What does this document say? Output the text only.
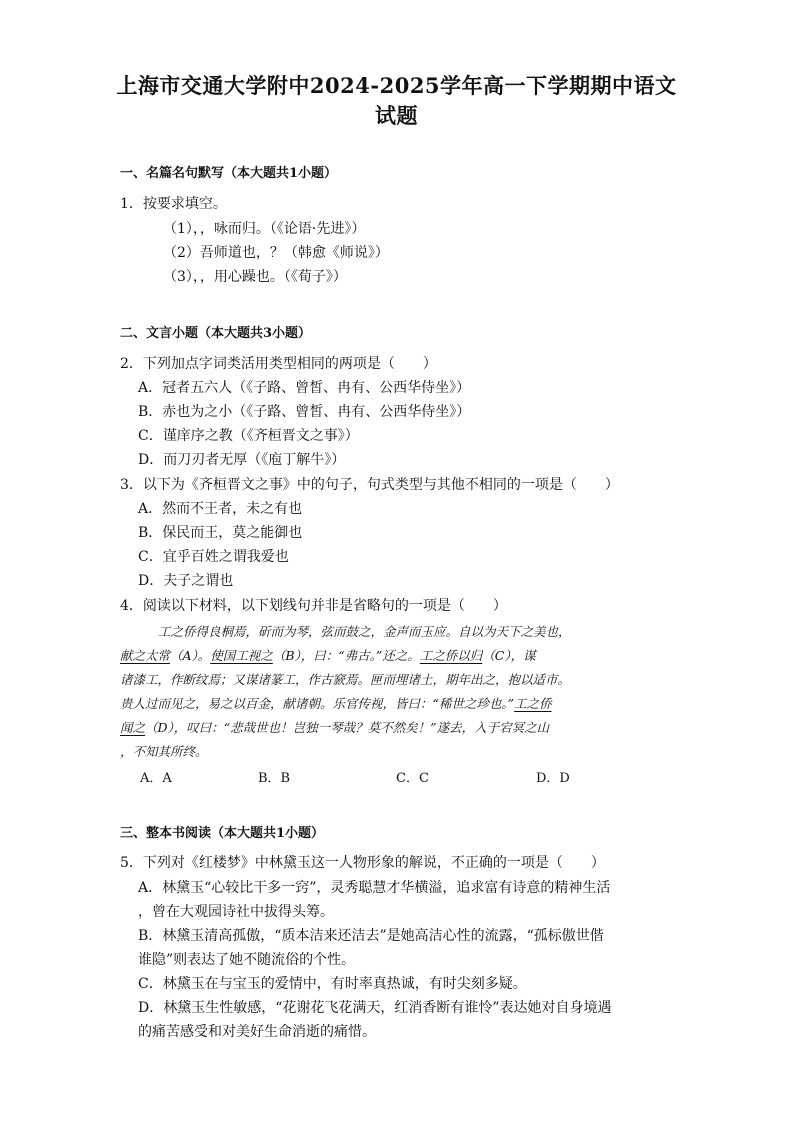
上海市交通大学附中2024-2025学年高一下学期期中语文
试题
一、名篇名句默写（本大题共1小题）
1．按要求填空。
（1），，咏而归。（《论语·先进》）
（2）吾师道也，？（韩愈《师说》）
（3），，用心躁也。（《荀子》）
二、文言小题（本大题共3小题）
2．下列加点字词类活用类型相同的两项是（　　）
A．冠者五六人（《子路、曾皙、冉有、公西华侍坐》）
B．赤也为之小（《子路、曾皙、冉有、公西华侍坐》）
C．谨庠序之教（《齐桓晋文之事》）
D．而刀刃者无厚（《庖丁解牛》）
3．以下为《齐桓晋文之事》中的句子，句式类型与其他不相同的一项是（　　）
A．然而不王者，未之有也
B．保民而王，莫之能御也
C．宜乎百姓之谓我爱也
D．夫子之谓也
4．阅读以下材料，以下划线句并非是省略句的一项是（　　）
工之侨得良桐焉，斫而为琴，弦而鼓之，金声而玉应。自以为天下之美也，
献之太常（A）。使国工视之（B），曰：“弗古。”还之。工之侨以归（C），谋
诸漆工，作断纹焉；又谋诸篆工，作古窾焉。匣而埋诸土，期年出之，抱以适市。
贵人过而见之，易之以百金，献诸朝。乐官传视，皆曰：“稀世之珍也。”工之侨
闻之（D），叹曰：“悲哉世也！岂独一琴哉？莫不然矣！”遂去，入于宕冥之山
，不知其所终。
A．A	B．B	C．C	D．D
三、整本书阅读（本大题共1小题）
5．下列对《红楼梦》中林黛玉这一人物形象的解说，不正确的一项是（　　）
A．林黛玉“心较比干多一窍”，灵秀聪慧才华横溢，追求富有诗意的精神生活
，曾在大观园诗社中拔得头筹。
B．林黛玉清高孤傲，“质本洁来还洁去”是她高洁心性的流露，“孤标傲世偕
谁隐”则表达了她不随流俗的个性。
C．林黛玉在与宝玉的爱情中，有时率真热诚，有时尖刻多疑。
D．林黛玉生性敏感，“花谢花飞花满天，红消香断有谁怜”表达她对自身境遇
的痛苦感受和对美好生命消逝的痛惜。
